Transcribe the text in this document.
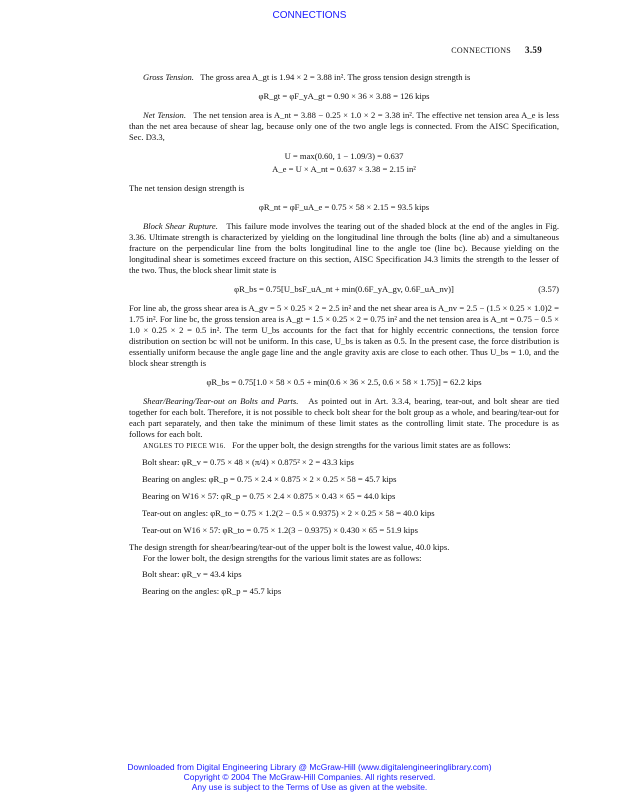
CONNECTIONS
CONNECTIONS 3.59

Gross Tension. The gross area A_gt is 1.94 × 2 = 3.88 in². The gross tension design strength is

φR_gt = φF_yA_gt = 0.90 × 36 × 3.88 = 126 kips

Net Tension. The net tension area is A_nt = 3.88 − 0.25 × 1.0 × 2 = 3.38 in². The effective net tension area A_e is less than the net area because of shear lag, because only one of the two angle legs is connected. From the AISC Specification, Sec. D3.3,

U = max(0.60, 1 − 1.09/3) = 0.637
A_e = U × A_nt = 0.637 × 3.38 = 2.15 in²

The net tension design strength is

φR_nt = φF_uA_e = 0.75 × 58 × 2.15 = 93.5 kips

Block Shear Rupture. This failure mode involves the tearing out of the shaded block at the end of the angles in Fig. 3.36. Ultimate strength is characterized by yielding on the longitudinal line through the bolts (line ab) and a simultaneous fracture on the perpendicular line from the bolts longitudinal line to the angle toe (line bc). Because yielding on the longitudinal shear is sometimes exceed fracture on this section, AISC Specification J4.3 limits the strength to the lesser of the two. Thus, the block shear limit state is

φR_bs = 0.75[U_bsF_uA_nt + min(0.6F_yA_gv, 0.6F_uA_nv)]	(3.57)

For line ab, the gross shear area is A_gv = 5 × 0.25 × 2 = 2.5 in² and the net shear area is A_nv = 2.5 − (1.5 × 0.25 × 1.0)2 = 1.75 in². For line bc, the gross tension area is A_gt = 1.5 × 0.25 × 2 = 0.75 in² and the net tension area is A_nt = 0.75 − 0.5 × 1.0 × 0.25 × 2 = 0.5 in². The term U_bs accounts for the fact that for highly eccentric connections, the tension force distribution on section bc will not be uniform. In this case, U_bs is taken as 0.5. In the present case, the force distribution is essentially uniform because the angle gage line and the angle gravity axis are close to each other. Thus U_bs = 1.0, and the block shear strength is

φR_bs = 0.75[1.0 × 58 × 0.5 + min(0.6 × 36 × 2.5, 0.6 × 58 × 1.75)] = 62.2 kips

Shear/Bearing/Tear-out on Bolts and Parts. As pointed out in Art. 3.3.4, bearing, tear-out, and bolt shear are tied together for each bolt. Therefore, it is not possible to check bolt shear for the bolt group as a whole, and bearing/tear-out for each part separately, and then take the minimum of these limit states as the controlling limit state. The procedure is as follows for each bolt.

ANGLES TO PIECE W16. For the upper bolt, the design strengths for the various limit states are as follows:

Bolt shear: φR_v = 0.75 × 48 × (π/4) × 0.875² × 2 = 43.3 kips
Bearing on angles: φR_p = 0.75 × 2.4 × 0.875 × 2 × 0.25 × 58 = 45.7 kips
Bearing on W16 × 57: φR_p = 0.75 × 2.4 × 0.875 × 0.43 × 65 = 44.0 kips
Tear-out on angles: φR_to = 0.75 × 1.2(2 − 0.5 × 0.9375) × 2 × 0.25 × 58 = 40.0 kips
Tear-out on W16 × 57: φR_to = 0.75 × 1.2(3 − 0.9375) × 0.430 × 65 = 51.9 kips

The design strength for shear/bearing/tear-out of the upper bolt is the lowest value, 40.0 kips.

For the lower bolt, the design strengths for the various limit states are as follows:

Bolt shear: φR_v = 43.4 kips
Bearing on the angles: φR_p = 45.7 kips
Downloaded from Digital Engineering Library @ McGraw-Hill (www.digitalengineeringlibrary.com)
Copyright © 2004 The McGraw-Hill Companies. All rights reserved.
Any use is subject to the Terms of Use as given at the website.
